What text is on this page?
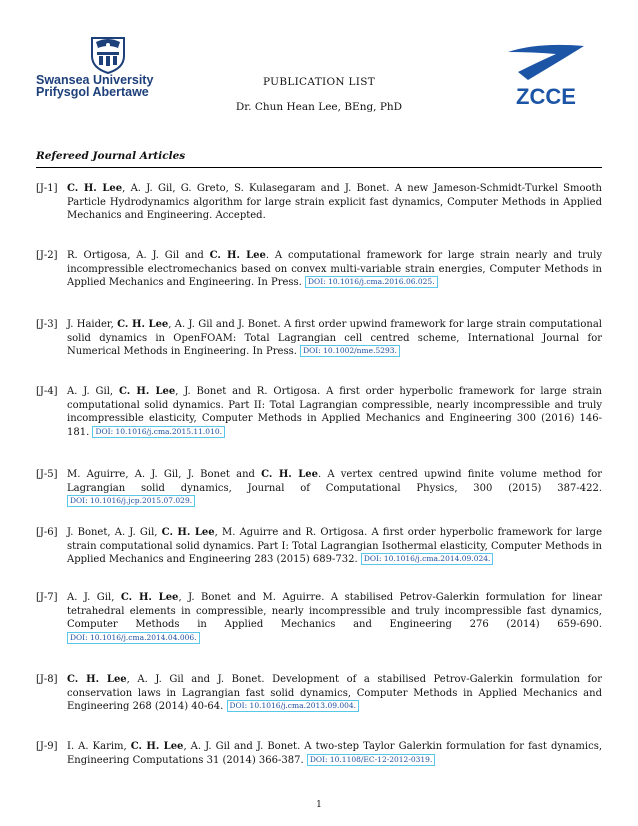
Swansea University
Prifysgol Abertawe	ZCCE
PUBLICATION LIST
Dr. Chun Hean Lee, BEng, PhD
Refereed Journal Articles
[J-1] C. H. Lee, A. J. Gil, G. Greto, S. Kulasegaram and J. Bonet. A new Jameson-Schmidt-Turkel Smooth Particle Hydrodynamics algorithm for large strain explicit fast dynamics, Computer Methods in Applied Mechanics and Engineering. Accepted.
[J-2] R. Ortigosa, A. J. Gil and C. H. Lee. A computational framework for large strain nearly and truly incompressible electromechanics based on convex multi-variable strain energies, Computer Methods in Applied Mechanics and Engineering. In Press. DOI: 10.1016/j.cma.2016.06.025.
[J-3] J. Haider, C. H. Lee, A. J. Gil and J. Bonet. A first order upwind framework for large strain computational solid dynamics in OpenFOAM: Total Lagrangian cell centred scheme, International Journal for Numerical Methods in Engineering. In Press. DOI: 10.1002/nme.5293.
[J-4] A. J. Gil, C. H. Lee, J. Bonet and R. Ortigosa. A first order hyperbolic framework for large strain computational solid dynamics. Part II: Total Lagrangian compressible, nearly incompressible and truly incompressible elasticity, Computer Methods in Applied Mechanics and Engineering 300 (2016) 146-181. DOI: 10.1016/j.cma.2015.11.010.
[J-5] M. Aguirre, A. J. Gil, J. Bonet and C. H. Lee. A vertex centred upwind finite volume method for Lagrangian solid dynamics, Journal of Computational Physics, 300 (2015) 387-422. DOI: 10.1016/j.jcp.2015.07.029.
[J-6] J. Bonet, A. J. Gil, C. H. Lee, M. Aguirre and R. Ortigosa. A first order hyperbolic framework for large strain computational solid dynamics. Part I: Total Lagrangian Isothermal elasticity, Computer Methods in Applied Mechanics and Engineering 283 (2015) 689-732. DOI: 10.1016/j.cma.2014.09.024.
[J-7] A. J. Gil, C. H. Lee, J. Bonet and M. Aguirre. A stabilised Petrov-Galerkin formulation for linear tetrahedral elements in compressible, nearly incompressible and truly incompressible fast dynamics, Computer Methods in Applied Mechanics and Engineering 276 (2014) 659-690. DOI: 10.1016/j.cma.2014.04.006.
[J-8] C. H. Lee, A. J. Gil and J. Bonet. Development of a stabilised Petrov-Galerkin formulation for conservation laws in Lagrangian fast solid dynamics, Computer Methods in Applied Mechanics and Engineering 268 (2014) 40-64. DOI: 10.1016/j.cma.2013.09.004.
[J-9] I. A. Karim, C. H. Lee, A. J. Gil and J. Bonet. A two-step Taylor Galerkin formulation for fast dynamics, Engineering Computations 31 (2014) 366-387. DOI: 10.1108/EC-12-2012-0319.
1
